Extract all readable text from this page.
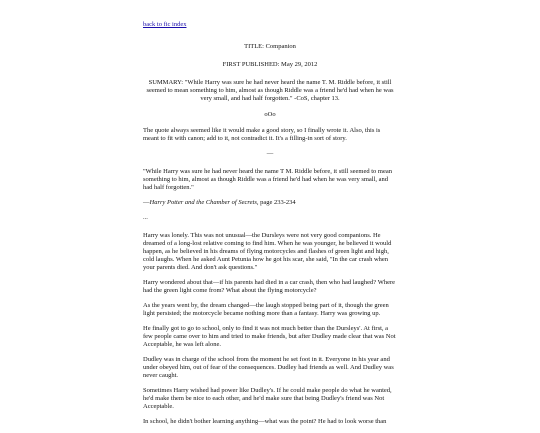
back to fic index

TITLE: Companion

FIRST PUBLISHED: May 29, 2012

SUMMARY: "While Harry was sure he had never heard the name T. M. Riddle before, it still seemed to mean something to him, almost as though Riddle was a friend he'd had when he was very small, and had half forgotten." -CoS, chapter 13.

oOo

The quote always seemed like it would make a good story, so I finally wrote it. Also, this is meant to fit with canon; add to it, not contradict it. It's a filling-in sort of story.

—

"While Harry was sure he had never heard the name T M. Riddle before, it still seemed to mean something to him, almost as though Riddle was a friend he'd had when he was very small, and had half forgotten."

—Harry Potter and the Chamber of Secrets, page 233-234

...

Harry was lonely. This was not unusual—the Dursleys were not very good companions. He dreamed of a long-lost relative coming to find him. When he was younger, he believed it would happen, as he believed in his dreams of flying motorcycles and flashes of green light and high, cold laughs. When he asked Aunt Petunia how he got his scar, she said, "In the car crash when your parents died. And don't ask questions."

Harry wondered about that—if his parents had died in a car crash, then who had laughed? Where had the green light come from? What about the flying motorcycle?

As the years went by, the dream changed—the laugh stopped being part of it, though the green light persisted; the motorcycle became nothing more than a fantasy. Harry was growing up.

He finally got to go to school, only to find it was not much better than the Dursleys'. At first, a few people came over to him and tried to make friends, but after Dudley made clear that was Not Acceptable, he was left alone.

Dudley was in charge of the school from the moment he set foot in it. Everyone in his year and under obeyed him, out of fear of the consequences. Dudley had friends as well. And Dudley was never caught.

Sometimes Harry wished had power like Dudley's. If he could make people do what he wanted, he'd make them be nice to each other, and he'd make sure that being Dudley's friend was Not Acceptable.

In school, he didn't bother learning anything—what was the point? He had to look worse than
